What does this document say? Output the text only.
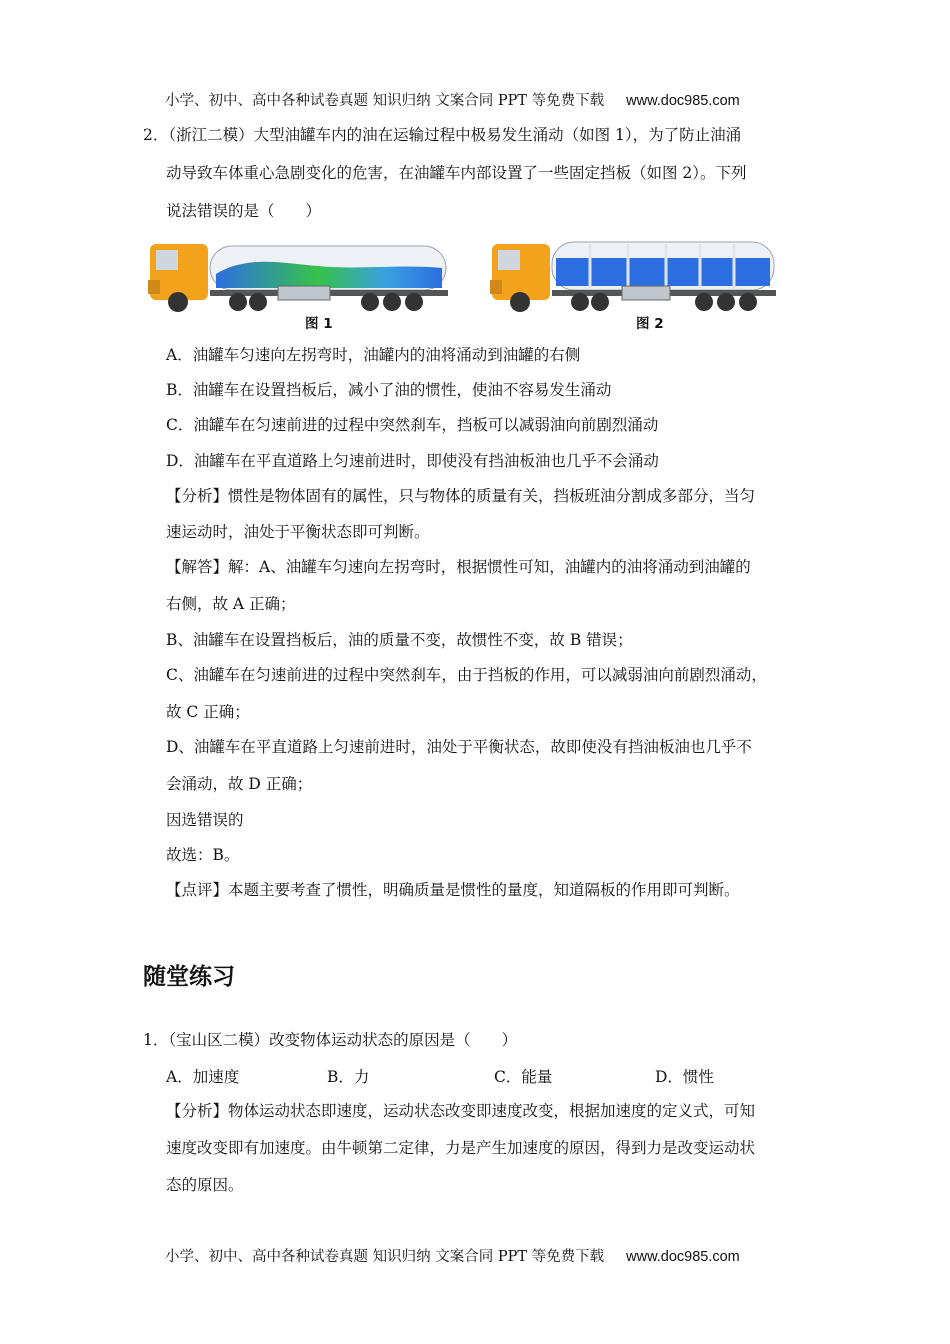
小学、初中、高中各种试卷真题 知识归纳 文案合同 PPT 等免费下载 www.doc985.com
2．（浙江二模）大型油罐车内的油在运输过程中极易发生涌动（如图 1），为了防止油涌
动导致车体重心急剧变化的危害，在油罐车内部设置了一些固定挡板（如图 2）。下列
说法错误的是（　　）
图 1	图 2
A．油罐车匀速向左拐弯时，油罐内的油将涌动到油罐的右侧
B．油罐车在设置挡板后，减小了油的惯性，使油不容易发生涌动
C．油罐车在匀速前进的过程中突然刹车，挡板可以减弱油向前剧烈涌动
D．油罐车在平直道路上匀速前进时，即使没有挡油板油也几乎不会涌动
【分析】惯性是物体固有的属性，只与物体的质量有关，挡板班油分割成多部分，当匀
速运动时，油处于平衡状态即可判断。
【解答】解：A、油罐车匀速向左拐弯时，根据惯性可知，油罐内的油将涌动到油罐的
右侧，故 A 正确；
B、油罐车在设置挡板后，油的质量不变，故惯性不变，故 B 错误；
C、油罐车在匀速前进的过程中突然刹车，由于挡板的作用，可以减弱油向前剧烈涌动，
故 C 正确；
D、油罐车在平直道路上匀速前进时，油处于平衡状态，故即使没有挡油板油也几乎不
会涌动，故 D 正确；
因选错误的
故选：B。
【点评】本题主要考查了惯性，明确质量是惯性的量度，知道隔板的作用即可判断。
随堂练习
1．（宝山区二模）改变物体运动状态的原因是（　　）
A．加速度	B．力	C．能量	D．惯性
【分析】物体运动状态即速度，运动状态改变即速度改变，根据加速度的定义式，可知
速度改变即有加速度。由牛顿第二定律，力是产生加速度的原因，得到力是改变运动状
态的原因。
小学、初中、高中各种试卷真题 知识归纳 文案合同 PPT 等免费下载 www.doc985.com
